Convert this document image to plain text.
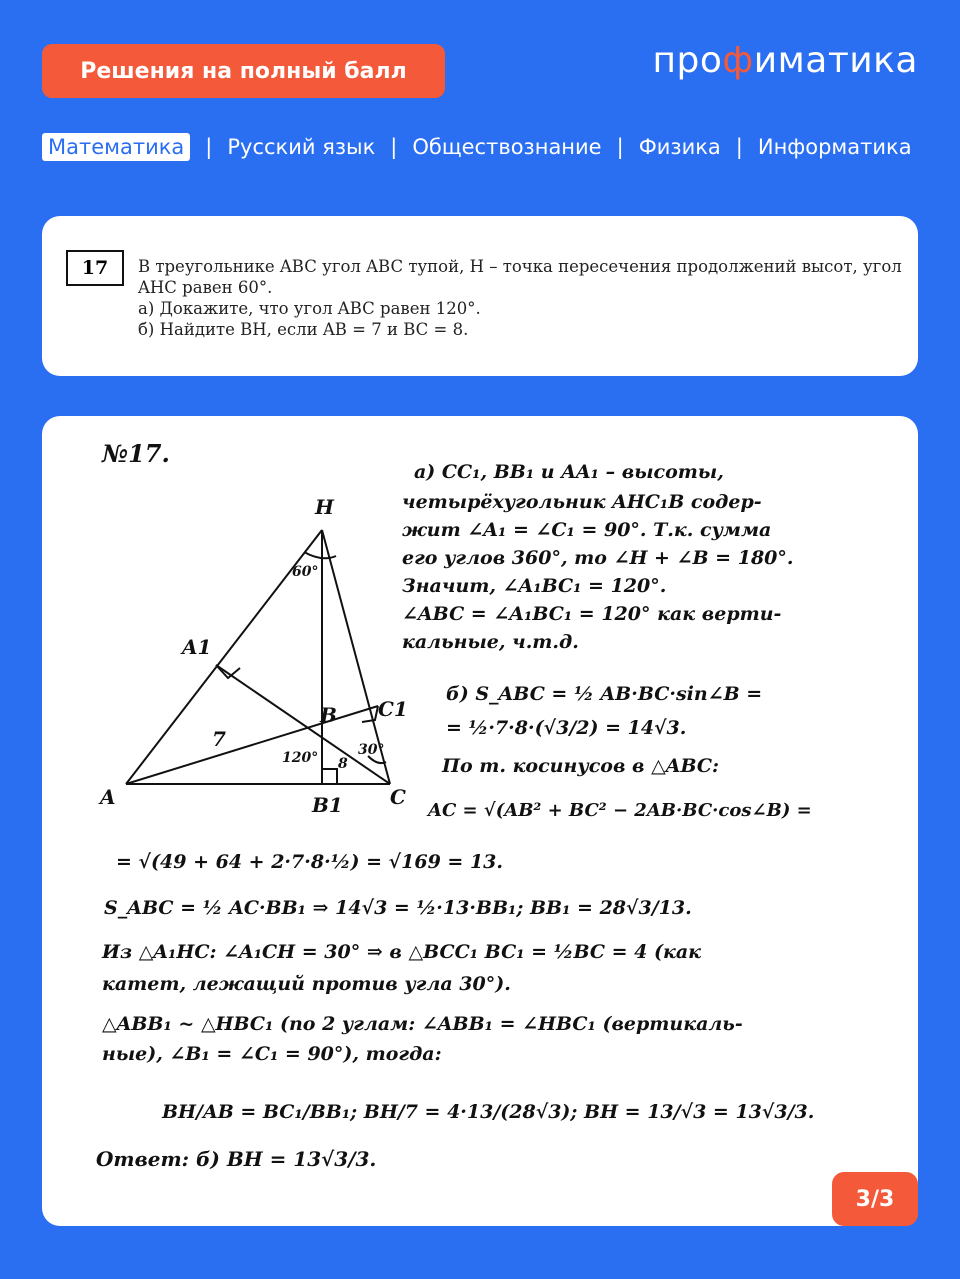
Решения на полный балл	профиматика
Математика | Русский язык | Обществознание | Физика | Информатика
17	В треугольнике ABC угол ABC тупой, H – точка пересечения продолжений высот, угол AHC равен 60°.
а) Докажите, что угол ABC равен 120°.
б) Найдите BH, если AB = 7 и BC = 8.
№17.
H
A1
B C1
A	B1 C
60°
120°	30°
7
8
а) CC₁, BB₁ и AA₁ – высоты,
четырёхугольник AHC₁B содер-
жит ∠A₁ = ∠C₁ = 90°. Т.к. сумма
его углов 360°, то ∠H + ∠B = 180°.
Значит, ∠A₁BC₁ = 120°.
∠ABC = ∠A₁BC₁ = 120° как верти-
кальные, ч.т.д.
б) S_ABC = ½ AB·BC·sin∠B =
= ½·7·8·(√3/2) = 14√3.
По т. косинусов в △ABC:
AC = √(AB² + BC² − 2AB·BC·cos∠B) =
= √(49 + 64 + 2·7·8·½) = √169 = 13.
S_ABC = ½ AC·BB₁ ⇒ 14√3 = ½·13·BB₁; BB₁ = 28√3/13.
Из △A₁HC: ∠A₁CH = 30° ⇒ в △BCC₁ BC₁ = ½BC = 4 (как
катет, лежащий против угла 30°).
△ABB₁ ~ △HBC₁ (по 2 углам: ∠ABB₁ = ∠HBC₁ (вертикаль-
ные), ∠B₁ = ∠C₁ = 90°), тогда:
BH/AB = BC₁/BB₁; BH/7 = 4·13/(28√3); BH = 13/√3 = 13√3/3.
Ответ: б) BH = 13√3/3.
3/3
